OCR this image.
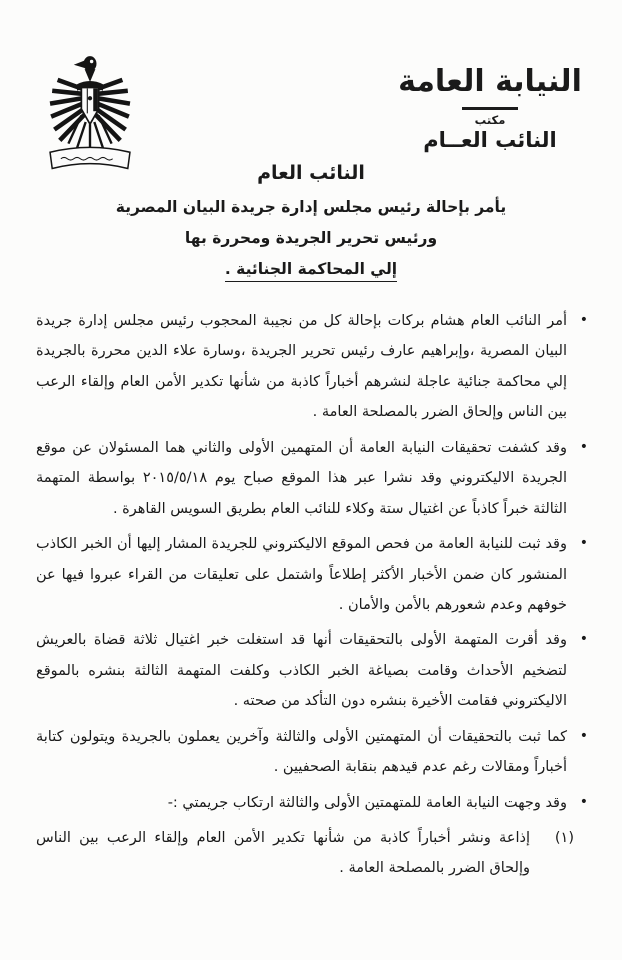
النيابة العامة
مكتب
النائب العــام
النائب العام
يأمر بإحالة رئيس مجلس إدارة جريدة البيان المصرية
ورئيس تحرير الجريدة ومحررة بها
إلي المحاكمة الجنائية .
•
أمر النائب العام هشام بركات بإحالة كل من نجيبة المحجوب رئيس مجلس إدارة جريدة البيان المصرية ،وإبراهيم عارف رئيس تحرير الجريدة ،وسارة علاء الدين محررة بالجريدة إلي محاكمة جنائية عاجلة لنشرهم أخباراً كاذبة من شأنها تكدير الأمن العام وإلقاء الرعب بين الناس وإلحاق الضرر بالمصلحة العامة .
•
وقد كشفت تحقيقات النيابة العامة أن المتهمين الأولى والثاني هما المسئولان عن موقع الجريدة الاليكتروني وقد نشرا عبر هذا الموقع صباح يوم ٢٠١٥/٥/١٨ بواسطة المتهمة الثالثة خبراً كاذباً عن اغتيال ستة وكلاء للنائب العام بطريق السويس القاهرة .
•
وقد ثبت للنيابة العامة من فحص الموقع الاليكتروني للجريدة المشار إليها أن الخبر الكاذب المنشور كان ضمن الأخبار الأكثر إطلاعاً واشتمل على تعليقات من القراء عبروا فيها عن خوفهم وعدم شعورهم بالأمن والأمان .
•
وقد أقرت المتهمة الأولى بالتحقيقات أنها قد استغلت خبر اغتيال ثلاثة قضاة بالعريش لتضخيم الأحداث وقامت بصياغة الخبر الكاذب وكلفت المتهمة الثالثة بنشره بالموقع الاليكتروني فقامت الأخيرة بنشره دون التأكد من صحته .
•
كما ثبت بالتحقيقات أن المتهمتين الأولى والثالثة وآخرين يعملون بالجريدة ويتولون كتابة أخباراً ومقالات رغم عدم قيدهم بنقابة الصحفيين .
•
وقد وجهت النيابة العامة للمتهمتين الأولى والثالثة ارتكاب جريمتي :-
(١)
إذاعة ونشر أخباراً كاذبة من شأنها تكدير الأمن العام وإلقاء الرعب بين الناس وإلحاق الضرر بالمصلحة العامة .
